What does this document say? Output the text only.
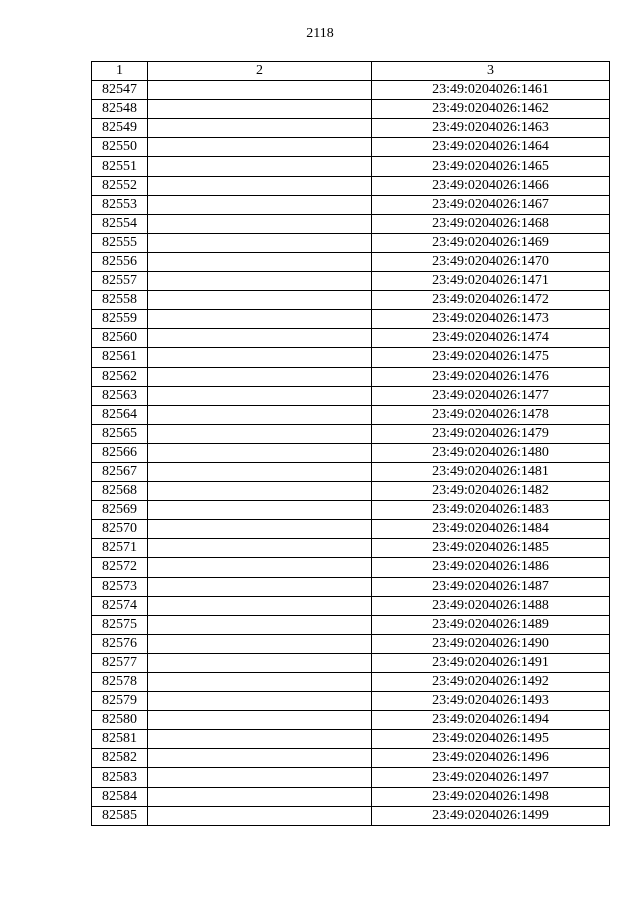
2118
1	2	3
82547		23:49:0204026:1461
82548		23:49:0204026:1462
82549		23:49:0204026:1463
82550		23:49:0204026:1464
82551		23:49:0204026:1465
82552		23:49:0204026:1466
82553		23:49:0204026:1467
82554		23:49:0204026:1468
82555		23:49:0204026:1469
82556		23:49:0204026:1470
82557		23:49:0204026:1471
82558		23:49:0204026:1472
82559		23:49:0204026:1473
82560		23:49:0204026:1474
82561		23:49:0204026:1475
82562		23:49:0204026:1476
82563		23:49:0204026:1477
82564		23:49:0204026:1478
82565		23:49:0204026:1479
82566		23:49:0204026:1480
82567		23:49:0204026:1481
82568		23:49:0204026:1482
82569		23:49:0204026:1483
82570		23:49:0204026:1484
82571		23:49:0204026:1485
82572		23:49:0204026:1486
82573		23:49:0204026:1487
82574		23:49:0204026:1488
82575		23:49:0204026:1489
82576		23:49:0204026:1490
82577		23:49:0204026:1491
82578		23:49:0204026:1492
82579		23:49:0204026:1493
82580		23:49:0204026:1494
82581		23:49:0204026:1495
82582		23:49:0204026:1496
82583		23:49:0204026:1497
82584		23:49:0204026:1498
82585		23:49:0204026:1499
